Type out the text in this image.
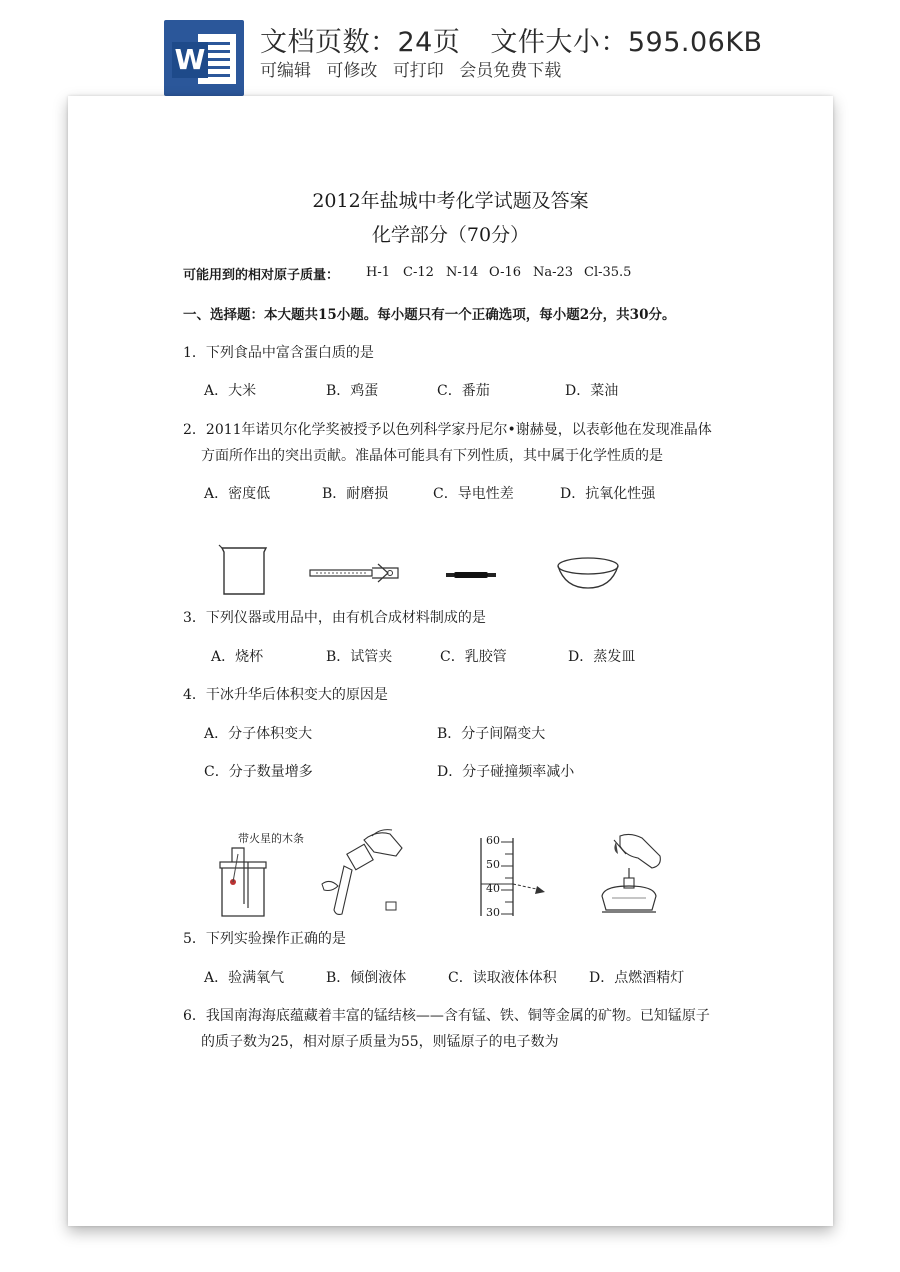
W
文档页数：24页 文件大小：595.06KB
可编辑 可修改 可打印 会员免费下载
2012年盐城中考化学试题及答案
化学部分（70分）
可能用到的相对原子质量： H-1 C-12 N-14 O-16 Na-23 Cl-35.5
一、选择题：本大题共15小题。每小题只有一个正确选项，每小题2分，共30分。
1．下列食品中富含蛋白质的是
A．大米	B．鸡蛋	C．番茄	D．菜油
2．2011年诺贝尔化学奖被授予以色列科学家丹尼尔•谢赫曼，以表彰他在发现准晶体
方面所作出的突出贡献。准晶体可能具有下列性质，其中属于化学性质的是
A．密度低	B．耐磨损	C．导电性差	D．抗氧化性强
3．下列仪器或用品中，由有机合成材料制成的是
A．烧杯	B．试管夹	C．乳胶管	D．蒸发皿
4．干冰升华后体积变大的原因是
A．分子体积变大	B．分子间隔变大
C．分子数量增多	D．分子碰撞频率减小
带火星的木条	60
50
40
30
5．下列实验操作正确的是
A．验满氧气	B．倾倒液体	C．读取液体体积 D．点燃酒精灯
6．我国南海海底蕴藏着丰富的锰结核——含有锰、铁、铜等金属的矿物。已知锰原子
的质子数为25，相对原子质量为55，则锰原子的电子数为
